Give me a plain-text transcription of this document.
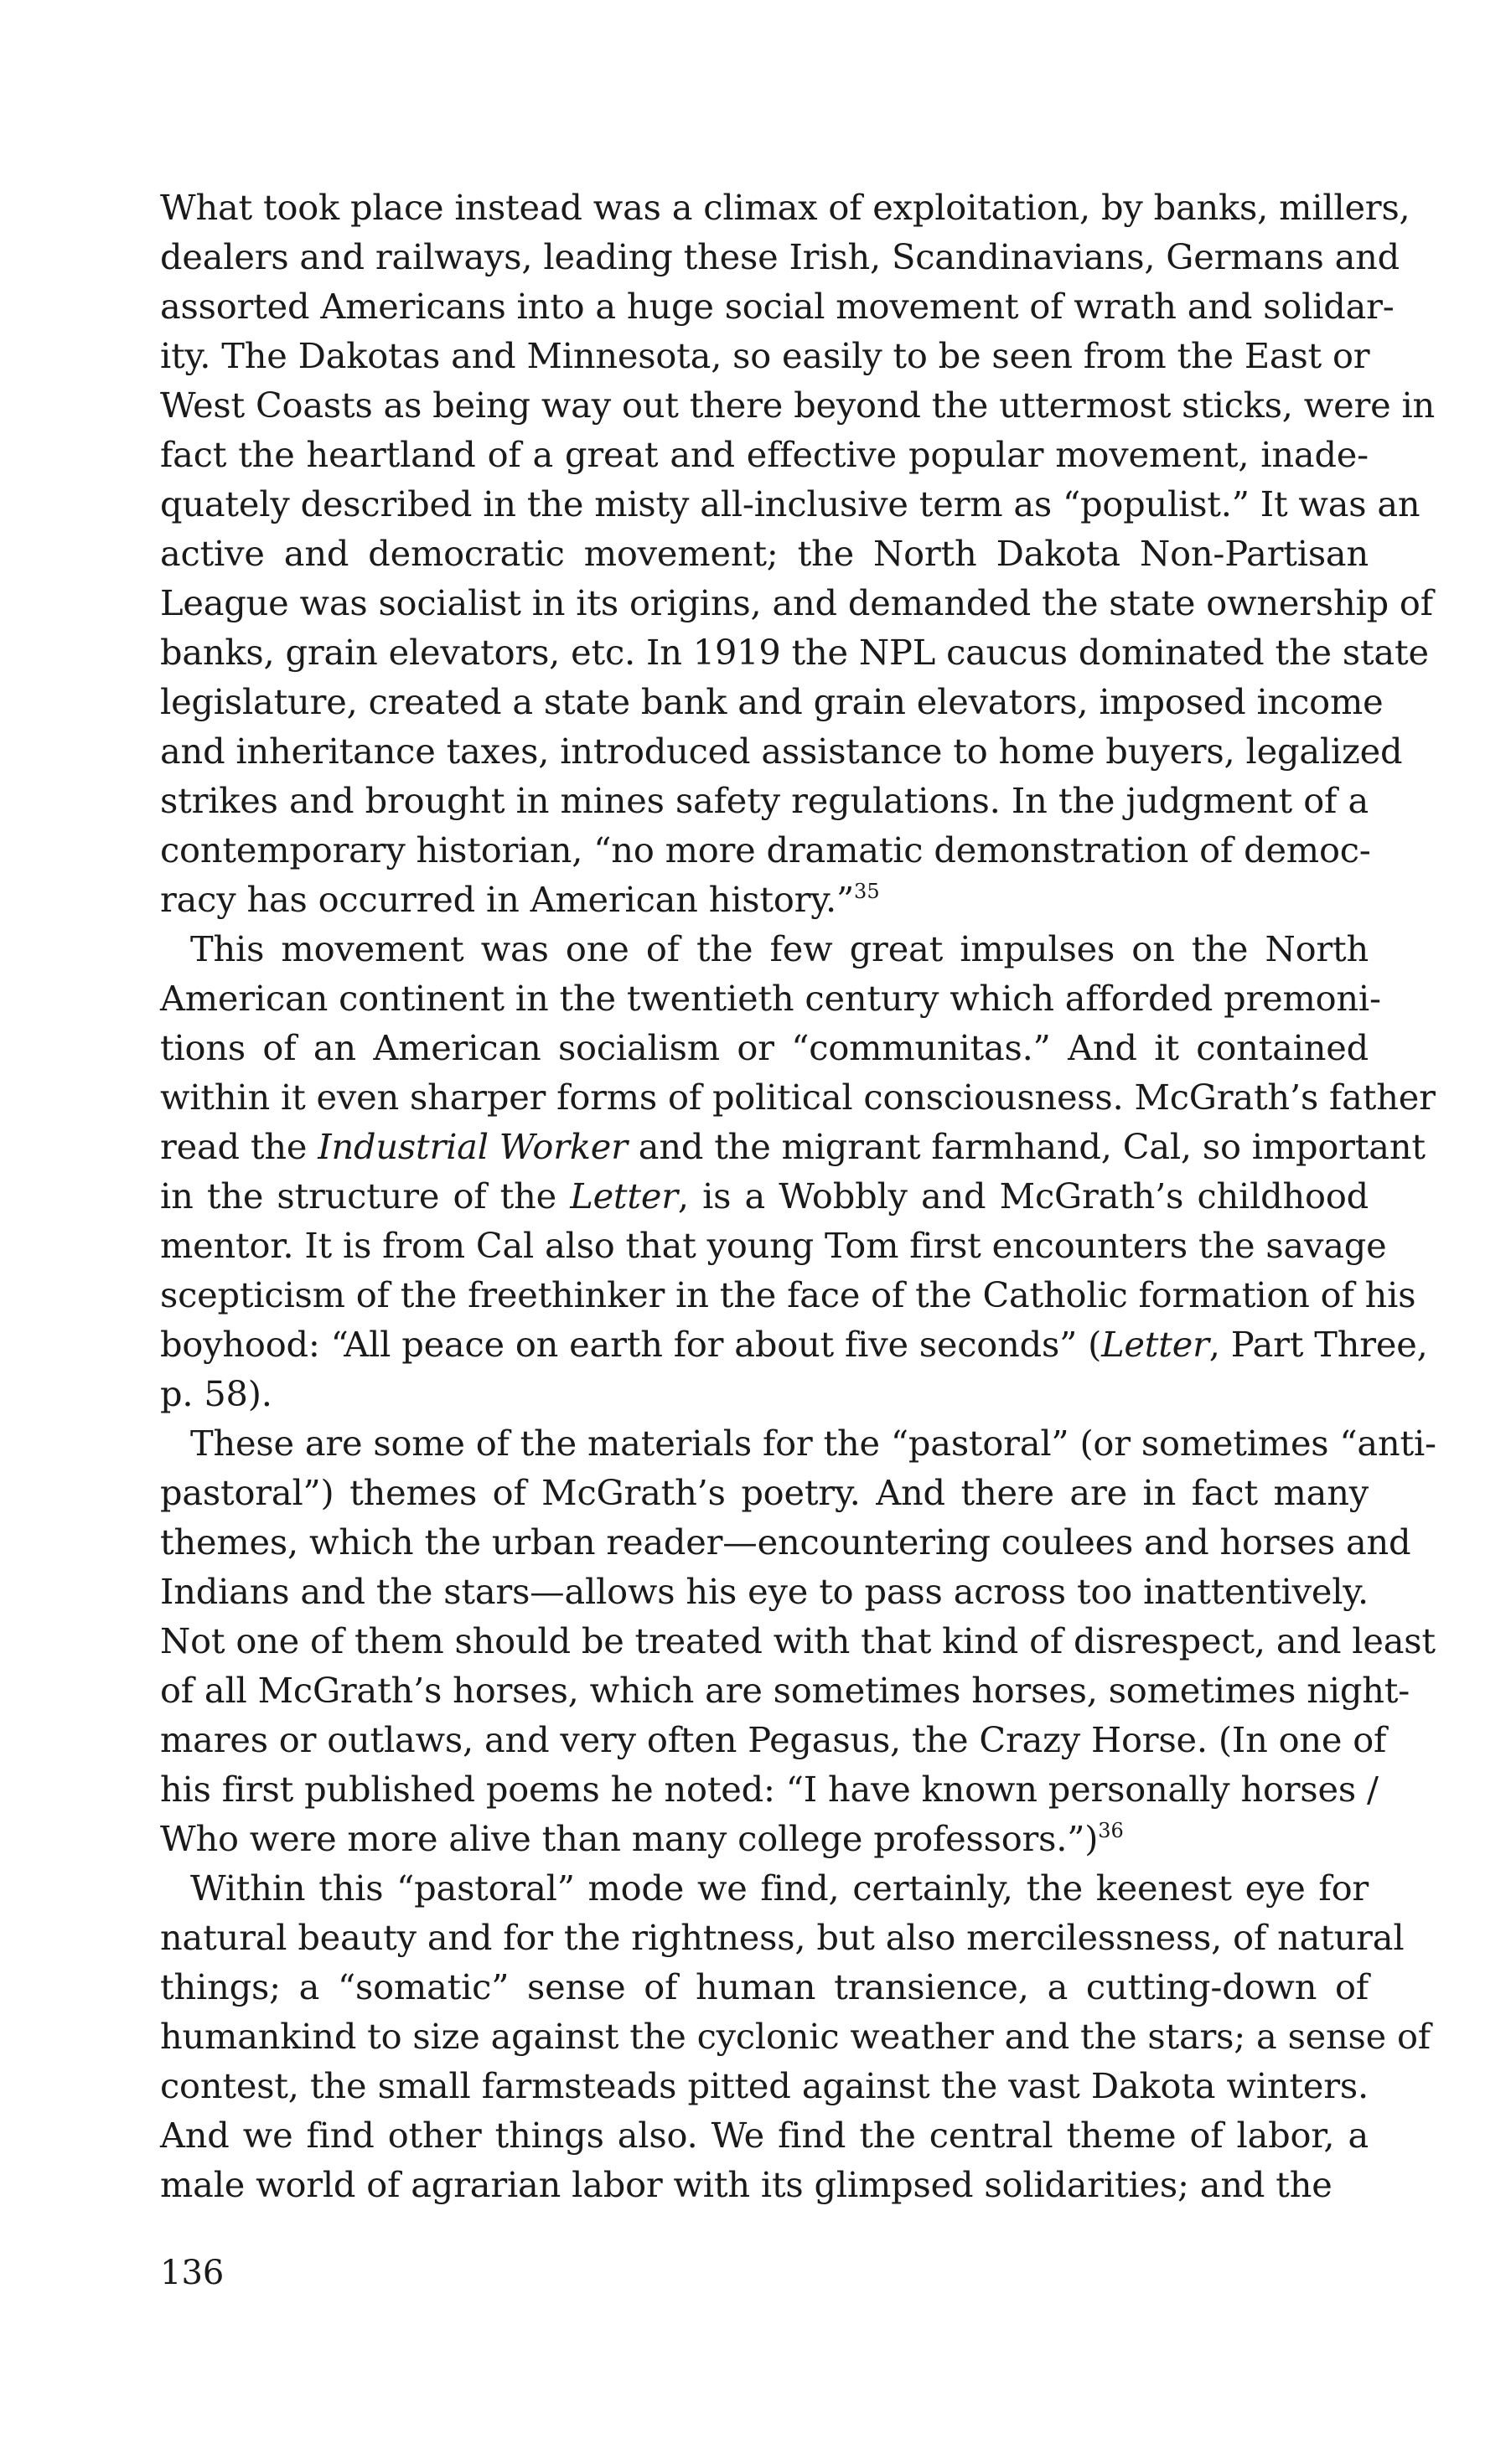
What took place instead was a climax of exploitation, by banks, millers,
dealers and railways, leading these Irish, Scandinavians, Germans and
assorted Americans into a huge social movement of wrath and solidar-
ity. The Dakotas and Minnesota, so easily to be seen from the East or
West Coasts as being way out there beyond the uttermost sticks, were in
fact the heartland of a great and effective popular movement, inade-
quately described in the misty all-inclusive term as “populist.” It was an
active and democratic movement; the North Dakota Non-Partisan
League was socialist in its origins, and demanded the state ownership of
banks, grain elevators, etc. In 1919 the NPL caucus dominated the state
legislature, created a state bank and grain elevators, imposed income
and inheritance taxes, introduced assistance to home buyers, legalized
strikes and brought in mines safety regulations. In the judgment of a
contemporary historian, “no more dramatic demonstration of democ-
racy has occurred in American history.”$^{35}$
This movement was one of the few great impulses on the North
American continent in the twentieth century which afforded premoni-
tions of an American socialism or “communitas.” And it contained
within it even sharper forms of political consciousness. McGrath’s father
read the Industrial Worker and the migrant farmhand, Cal, so important
in the structure of the Letter, is a Wobbly and McGrath’s childhood
mentor. It is from Cal also that young Tom first encounters the savage
scepticism of the freethinker in the face of the Catholic formation of his
boyhood: “All peace on earth for about five seconds” (Letter, Part Three,
p. 58).
These are some of the materials for the “pastoral” (or sometimes “anti-
pastoral”) themes of McGrath’s poetry. And there are in fact many
themes, which the urban reader—encountering coulees and horses and
Indians and the stars—allows his eye to pass across too inattentively.
Not one of them should be treated with that kind of disrespect, and least
of all McGrath’s horses, which are sometimes horses, sometimes night-
mares or outlaws, and very often Pegasus, the Crazy Horse. (In one of
his first published poems he noted: “I have known personally horses /
Who were more alive than many college professors.”)$^{36}$
Within this “pastoral” mode we find, certainly, the keenest eye for
natural beauty and for the rightness, but also mercilessness, of natural
things; a “somatic” sense of human transience, a cutting-down of
humankind to size against the cyclonic weather and the stars; a sense of
contest, the small farmsteads pitted against the vast Dakota winters.
And we find other things also. We find the central theme of labor, a
male world of agrarian labor with its glimpsed solidarities; and the
136
